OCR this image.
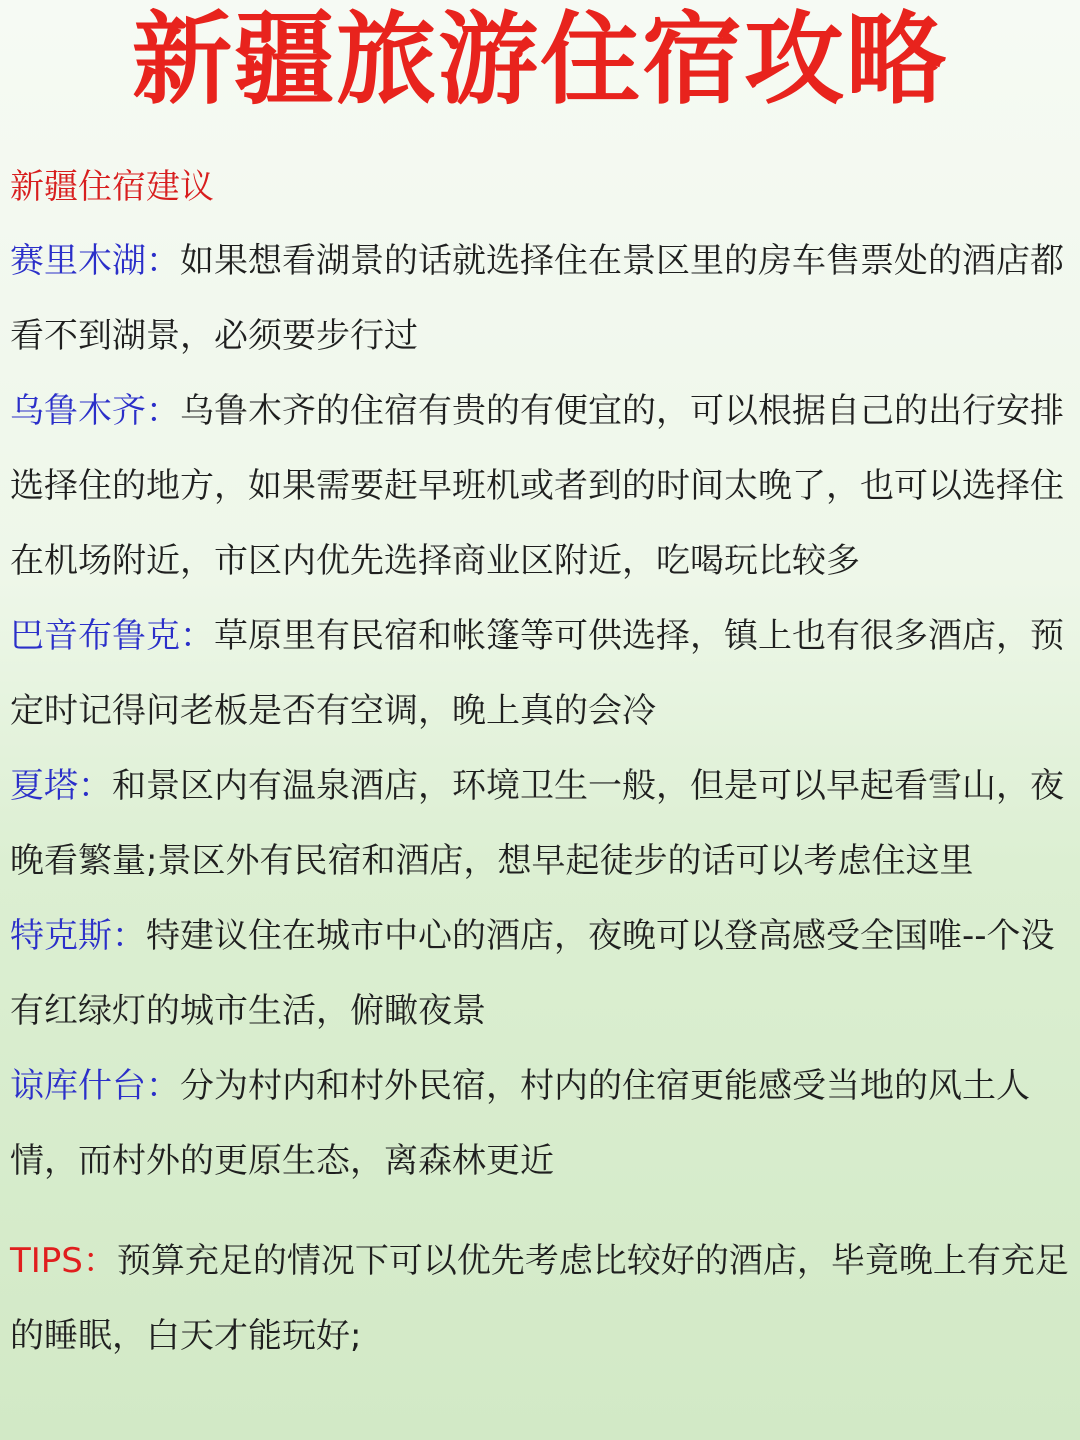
新疆旅游住宿攻略

新疆住宿建议

赛里木湖：如果想看湖景的话就选择住在景区里的房车售票处的酒店都看不到湖景，必须要步行过

乌鲁木齐：乌鲁木齐的住宿有贵的有便宜的，可以根据自己的出行安排选择住的地方，如果需要赶早班机或者到的时间太晚了，也可以选择住在机场附近，市区内优先选择商业区附近，吃喝玩比较多

巴音布鲁克：草原里有民宿和帐篷等可供选择，镇上也有很多酒店，预定时记得问老板是否有空调，晚上真的会冷

夏塔：和景区内有温泉酒店，环境卫生一般，但是可以早起看雪山，夜晚看繁量;景区外有民宿和酒店，想早起徒步的话可以考虑住这里

特克斯：特建议住在城市中心的酒店，夜晚可以登高感受全国唯--个没有红绿灯的城市生活，俯瞰夜景

谅库什台：分为村内和村外民宿，村内的住宿更能感受当地的风土人情，而村外的更原生态，离森林更近

TIPS：预算充足的情况下可以优先考虑比较好的酒店，毕竟晚上有充足的睡眠，白天才能玩好;
